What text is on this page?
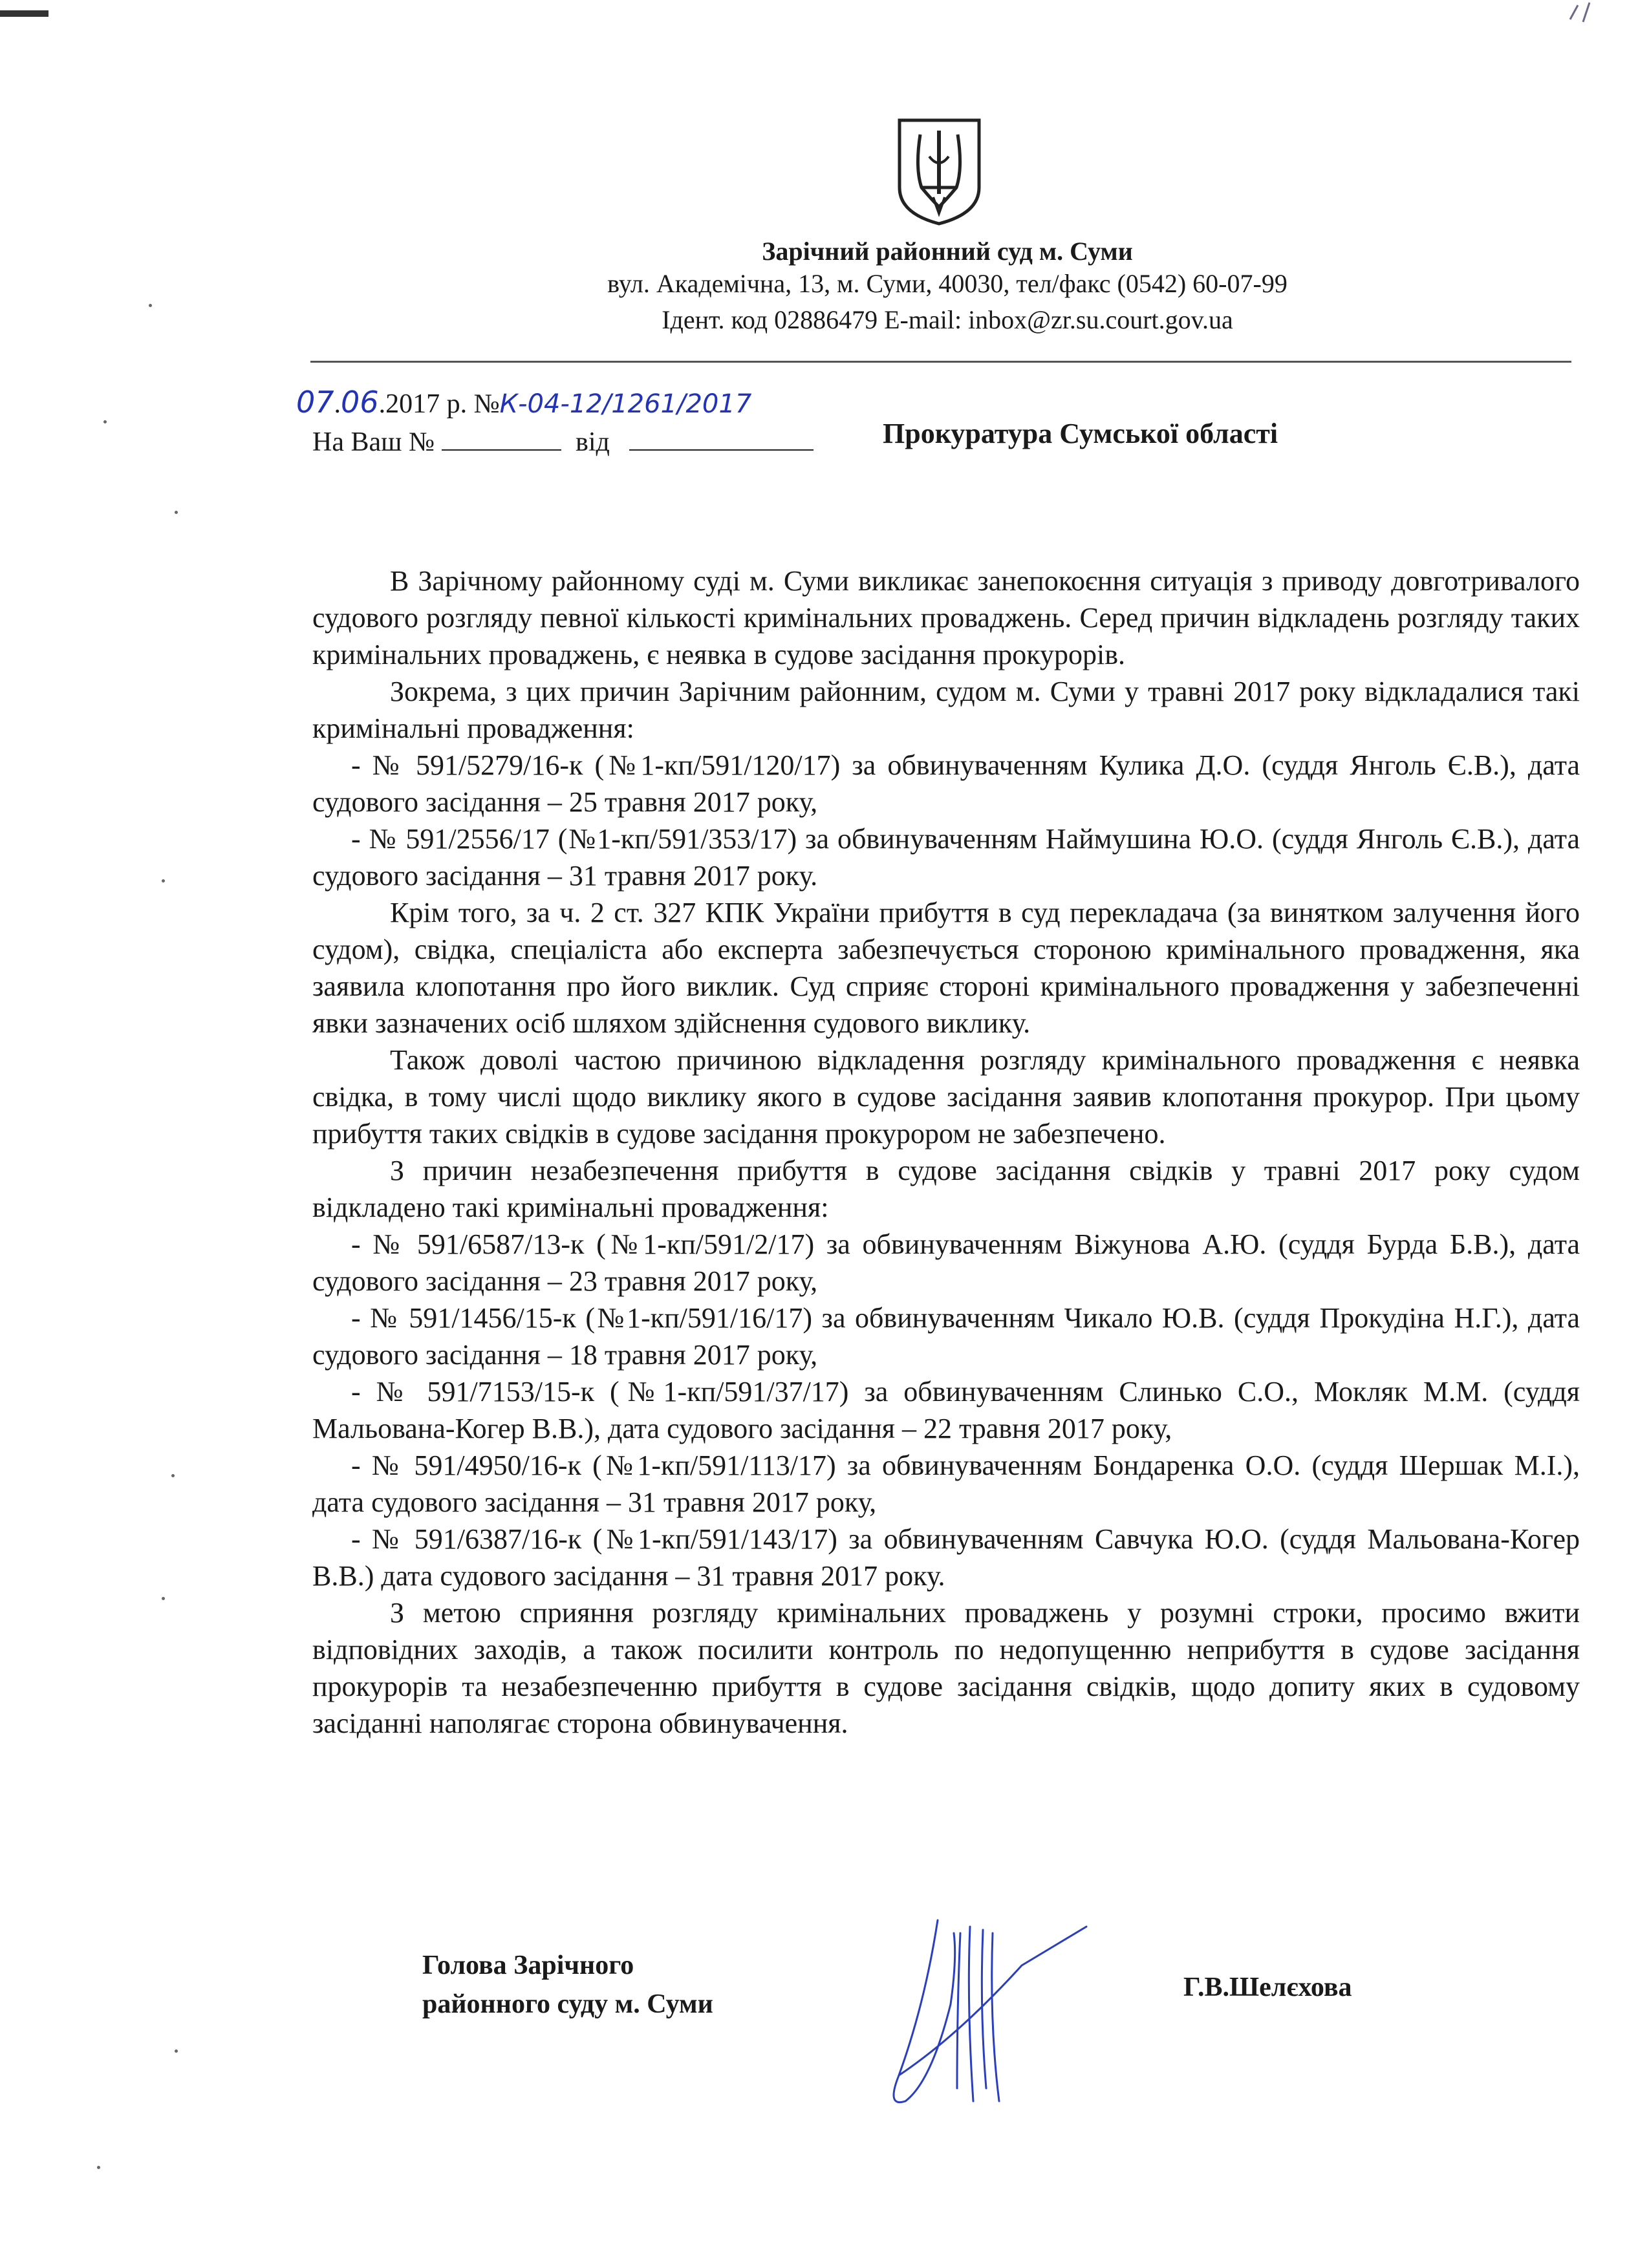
Зарічний районний суд м. Суми
вул. Академічна, 13, м. Суми, 40030, тел/факс (0542) 60-07-99
Ідент. код 02886479 E-mail: inbox@zr.su.court.gov.ua
07.06.2017 р. №К-04-12/1261/2017
На Ваш №	від	Прокуратура Сумської області

В Зарічному районному суді м. Суми викликає занепокоєння ситуація з приводу довготривалого судового розгляду певної кількості кримінальних проваджень. Серед причин відкладень розгляду таких кримінальних проваджень, є неявка в судове засідання прокурорів.

Зокрема, з цих причин Зарічним районним, судом м. Суми у травні 2017 року відкладалися такі кримінальні провадження:

- № 591/5279/16-к (№1-кп/591/120/17) за обвинуваченням Кулика Д.О. (суддя Янголь Є.В.), дата судового засідання – 25 травня 2017 року,

- № 591/2556/17 (№1-кп/591/353/17) за обвинуваченням Наймушина Ю.О. (суддя Янголь Є.В.), дата судового засідання – 31 травня 2017 року.

Крім того, за ч. 2 ст. 327 КПК України прибуття в суд перекладача (за винятком залучення його судом), свідка, спеціаліста або експерта забезпечується стороною кримінального провадження, яка заявила клопотання про його виклик. Суд сприяє стороні кримінального провадження у забезпеченні явки зазначених осіб шляхом здійснення судового виклику.

Також доволі частою причиною відкладення розгляду кримінального провадження є неявка свідка, в тому числі щодо виклику якого в судове засідання заявив клопотання прокурор. При цьому прибуття таких свідків в судове засідання прокурором не забезпечено.

З причин незабезпечення прибуття в судове засідання свідків у травні 2017 року судом відкладено такі кримінальні провадження:

- № 591/6587/13-к (№1-кп/591/2/17) за обвинуваченням Віжунова А.Ю. (суддя Бурда Б.В.), дата судового засідання – 23 травня 2017 року,

- № 591/1456/15-к (№1-кп/591/16/17) за обвинуваченням Чикало Ю.В. (суддя Прокудіна Н.Г.), дата судового засідання – 18 травня 2017 року,

- № 591/7153/15-к (№1-кп/591/37/17) за обвинуваченням Слинько С.О., Мокляк М.М. (суддя Мальована-Когер В.В.), дата судового засідання – 22 травня 2017 року,

- № 591/4950/16-к (№1-кп/591/113/17) за обвинуваченням Бондаренка О.О. (суддя Шершак М.І.), дата судового засідання – 31 травня 2017 року,

- № 591/6387/16-к (№1-кп/591/143/17) за обвинуваченням Савчука Ю.О. (суддя Мальована-Когер В.В.) дата судового засідання – 31 травня 2017 року.

З метою сприяння розгляду кримінальних проваджень у розумні строки, просимо вжити відповідних заходів, а також посилити контроль по недопущенню неприбуття в судове засідання прокурорів та незабезпеченню прибуття в судове засідання свідків, щодо допиту яких в судовому засіданні наполягає сторона обвинувачення.

Голова Зарічного
районного суду м. Суми
Г.В.Шелєхова
